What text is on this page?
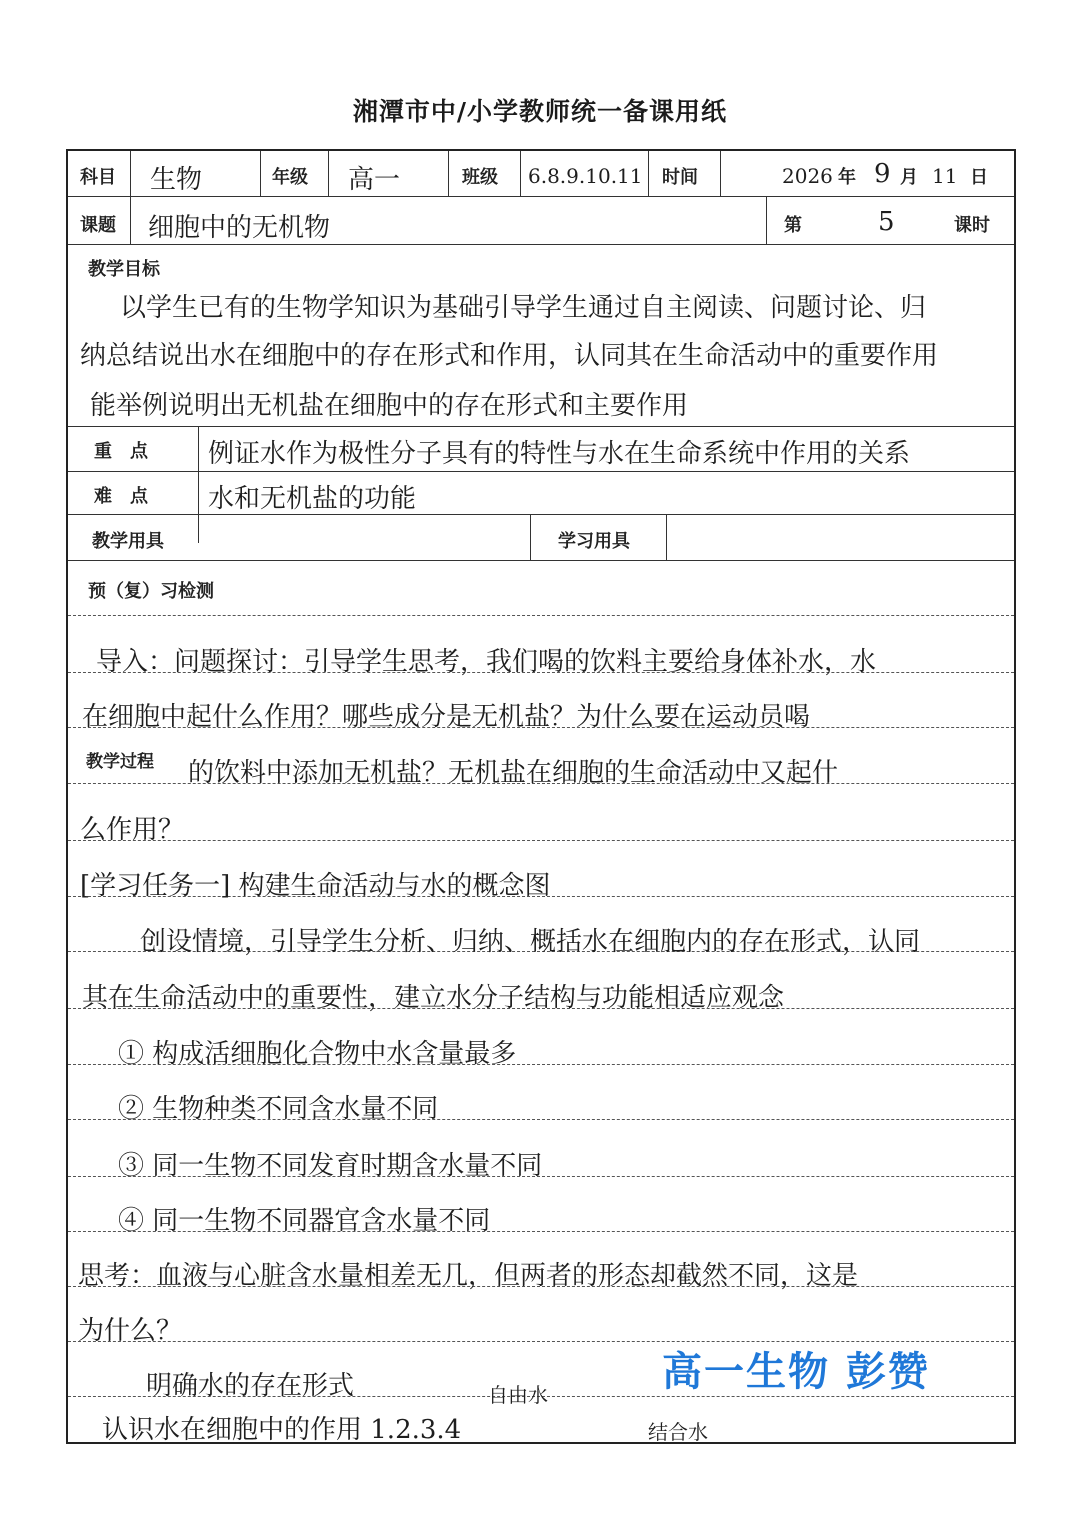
湘潭市中/小学教师统一备课用纸
科目 生物	年级 高一	班级 6.8.9.10.11 时间	2026 年 9 月 11 日
课题 细胞中的无机物	第	5	课时
教学目标
以学生已有的生物学知识为基础引导学生通过自主阅读、问题讨论、归
纳总结说出水在细胞中的存在形式和作用，认同其在生命活动中的重要作用
能举例说明出无机盐在细胞中的存在形式和主要作用
重　点 例证水作为极性分子具有的特性与水在生命系统中作用的关系
难　点 水和无机盐的功能
教学用具	学习用具
预（复）习检测
教学过程
导入：问题探讨：引导学生思考，我们喝的饮料主要给身体补水，水
在细胞中起什么作用？哪些成分是无机盐？为什么要在运动员喝
的饮料中添加无机盐？无机盐在细胞的生命活动中又起什
么作用？
[学习任务一] 构建生命活动与水的概念图
创设情境，引导学生分析、归纳、概括水在细胞内的存在形式，认同
其在生命活动中的重要性，建立水分子结构与功能相适应观念
① 构成活细胞化合物中水含量最多
② 生物种类不同含水量不同
③ 同一生物不同发育时期含水量不同
④ 同一生物不同器官含水量不同
思考：血液与心脏含水量相差无几，但两者的形态却截然不同，这是
为什么？
明确水的存在形式
认识水在细胞中的作用 1.2.3.4
自由水
结合水
高一生物 彭赞
